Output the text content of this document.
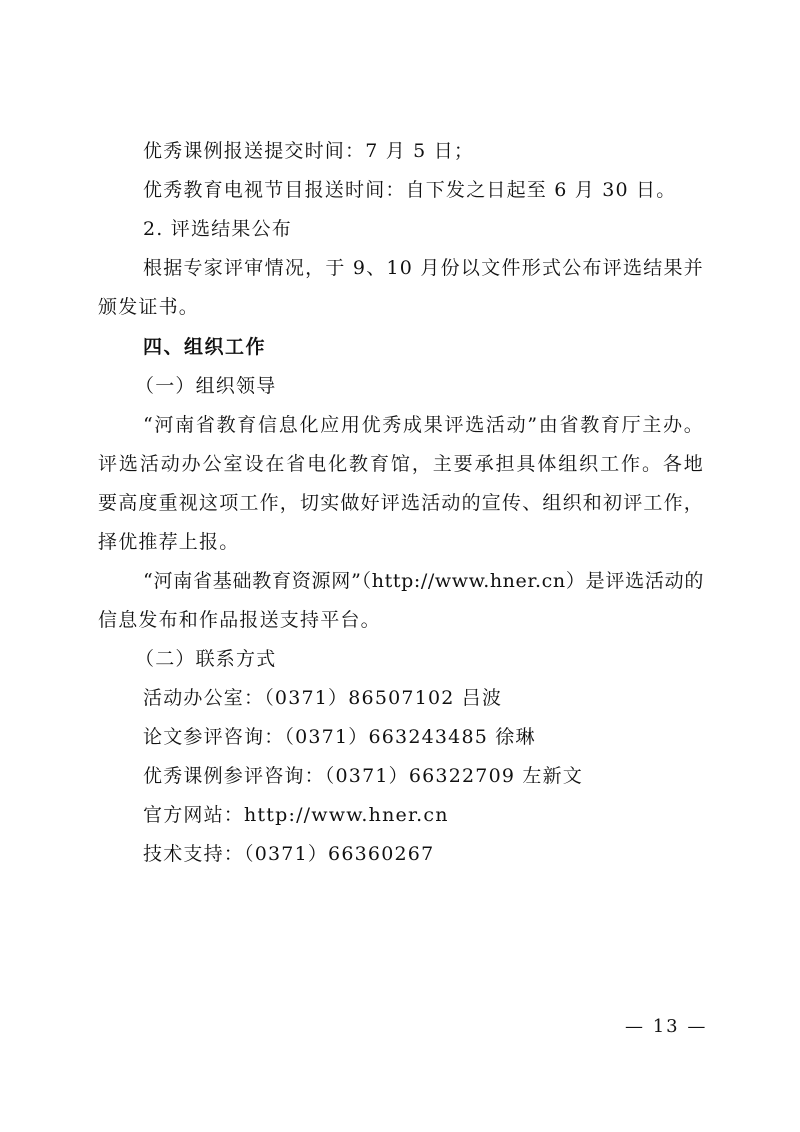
优秀课例报送提交时间：7 月 5 日；
优秀教育电视节目报送时间：自下发之日起至 6 月 30 日。
2. 评选结果公布
根据专家评审情况，于 9、10 月份以文件形式公布评选结果并
颁发证书。
四、组织工作
（一）组织领导
“河南省教育信息化应用优秀成果评选活动”由省教育厅主办。
评选活动办公室设在省电化教育馆，主要承担具体组织工作。各地
要高度重视这项工作，切实做好评选活动的宣传、组织和初评工作，
择优推荐上报。
“河南省基础教育资源网”（http://www.hner.cn）是评选活动的
信息发布和作品报送支持平台。
（二）联系方式
活动办公室：（0371）86507102 吕波
论文参评咨询：（0371）663243485 徐琳
优秀课例参评咨询：（0371）66322709 左新文
官方网站：http://www.hner.cn
技术支持：（0371）66360267
— 13 —
